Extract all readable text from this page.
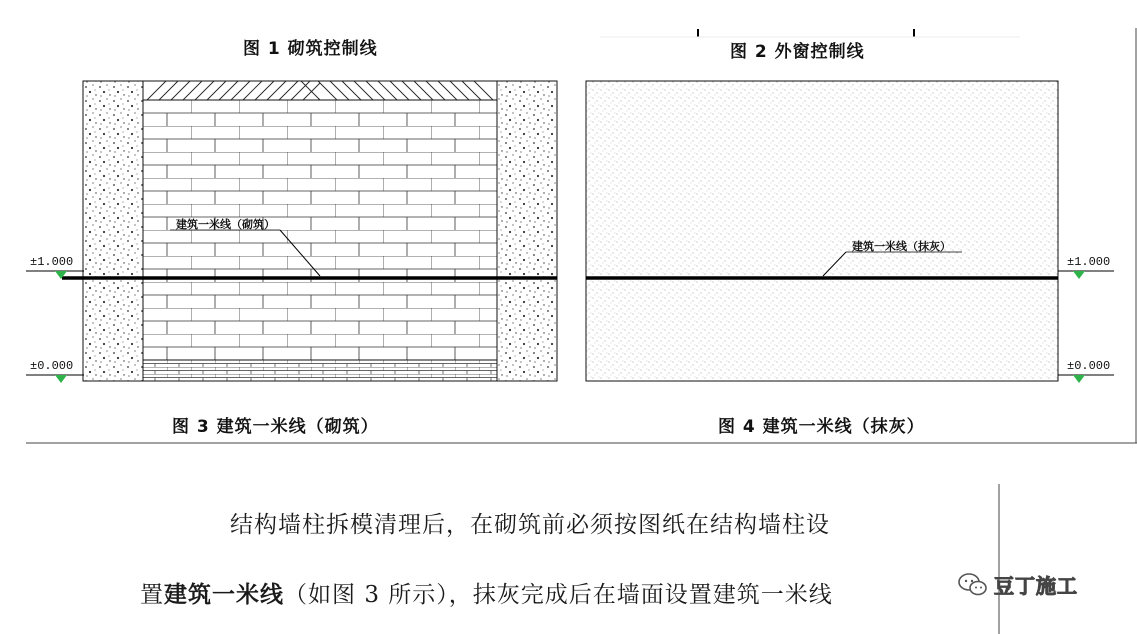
图 1 砌筑控制线	图 2 外窗控制线
图 3 建筑一米线（砌筑）	图 4 建筑一米线（抹灰）
建筑一米线（砌筑）
±1.000
±0.000
建筑一米线（抹灰）
±1.000
±0.000
结构墙柱拆模清理后，在砌筑前必须按图纸在结构墙柱设
置建筑一米线（如图 3 所示），抹灰完成后在墙面设置建筑一米线	豆丁施工
